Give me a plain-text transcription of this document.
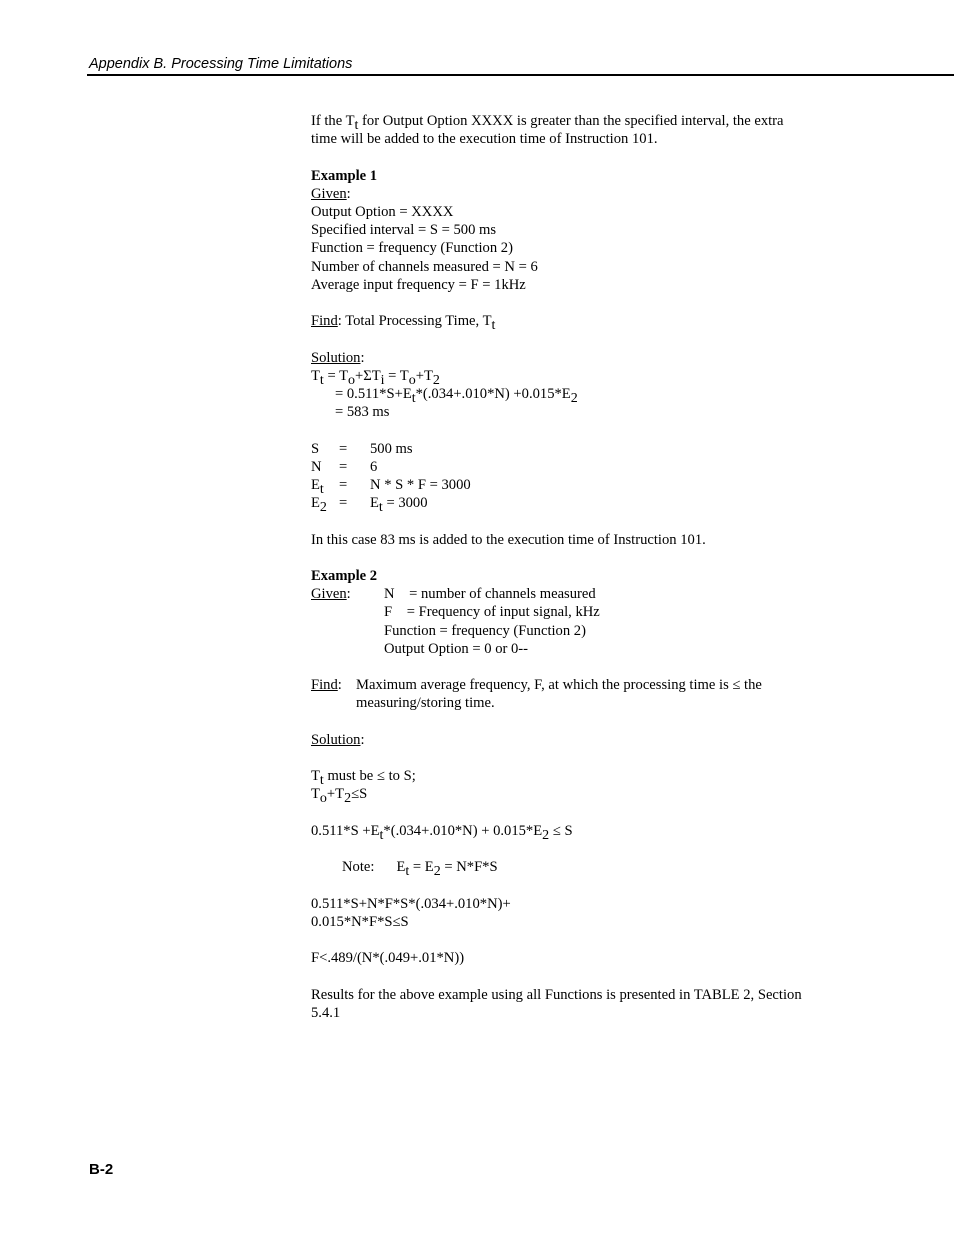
Appendix B. Processing Time Limitations

If the Tt for Output Option XXXX is greater than the specified interval, the extra time will be added to the execution time of Instruction 101.

Example 1
Given:
Output Option = XXXX
Specified interval = S = 500 ms
Function = frequency (Function 2)
Number of channels measured = N = 6
Average input frequency = F = 1kHz
Find: Total Processing Time, Tt
Solution:
Tt = To+ΣTi = To+T2
= 0.511*S+Et*(.034+.010*N) +0.015*E2
= 583 ms
S	=	500 ms
N	=	6
Et	=	N * S * F = 3000
E2 =	Et = 3000

In this case 83 ms is added to the execution time of Instruction 101.

Example 2
Given:	N    = number of channels measured
F    = Frequency of input signal, kHz
Function = frequency (Function 2)
Output Option = 0 or 0--
Find: Maximum average frequency, F, at which the processing time is ≤ the measuring/storing time.
Solution:
Tt must be ≤ to S;
To+T2≤S
0.511*S +Et*(.034+.010*N) + 0.015*E2 ≤ S
Note: Et = E2 = N*F*S
0.511*S+N*F*S*(.034+.010*N)+
0.015*N*F*S≤S
F<.489/(N*(.049+.01*N))

Results for the above example using all Functions is presented in TABLE 2, Section 5.4.1

B-2
